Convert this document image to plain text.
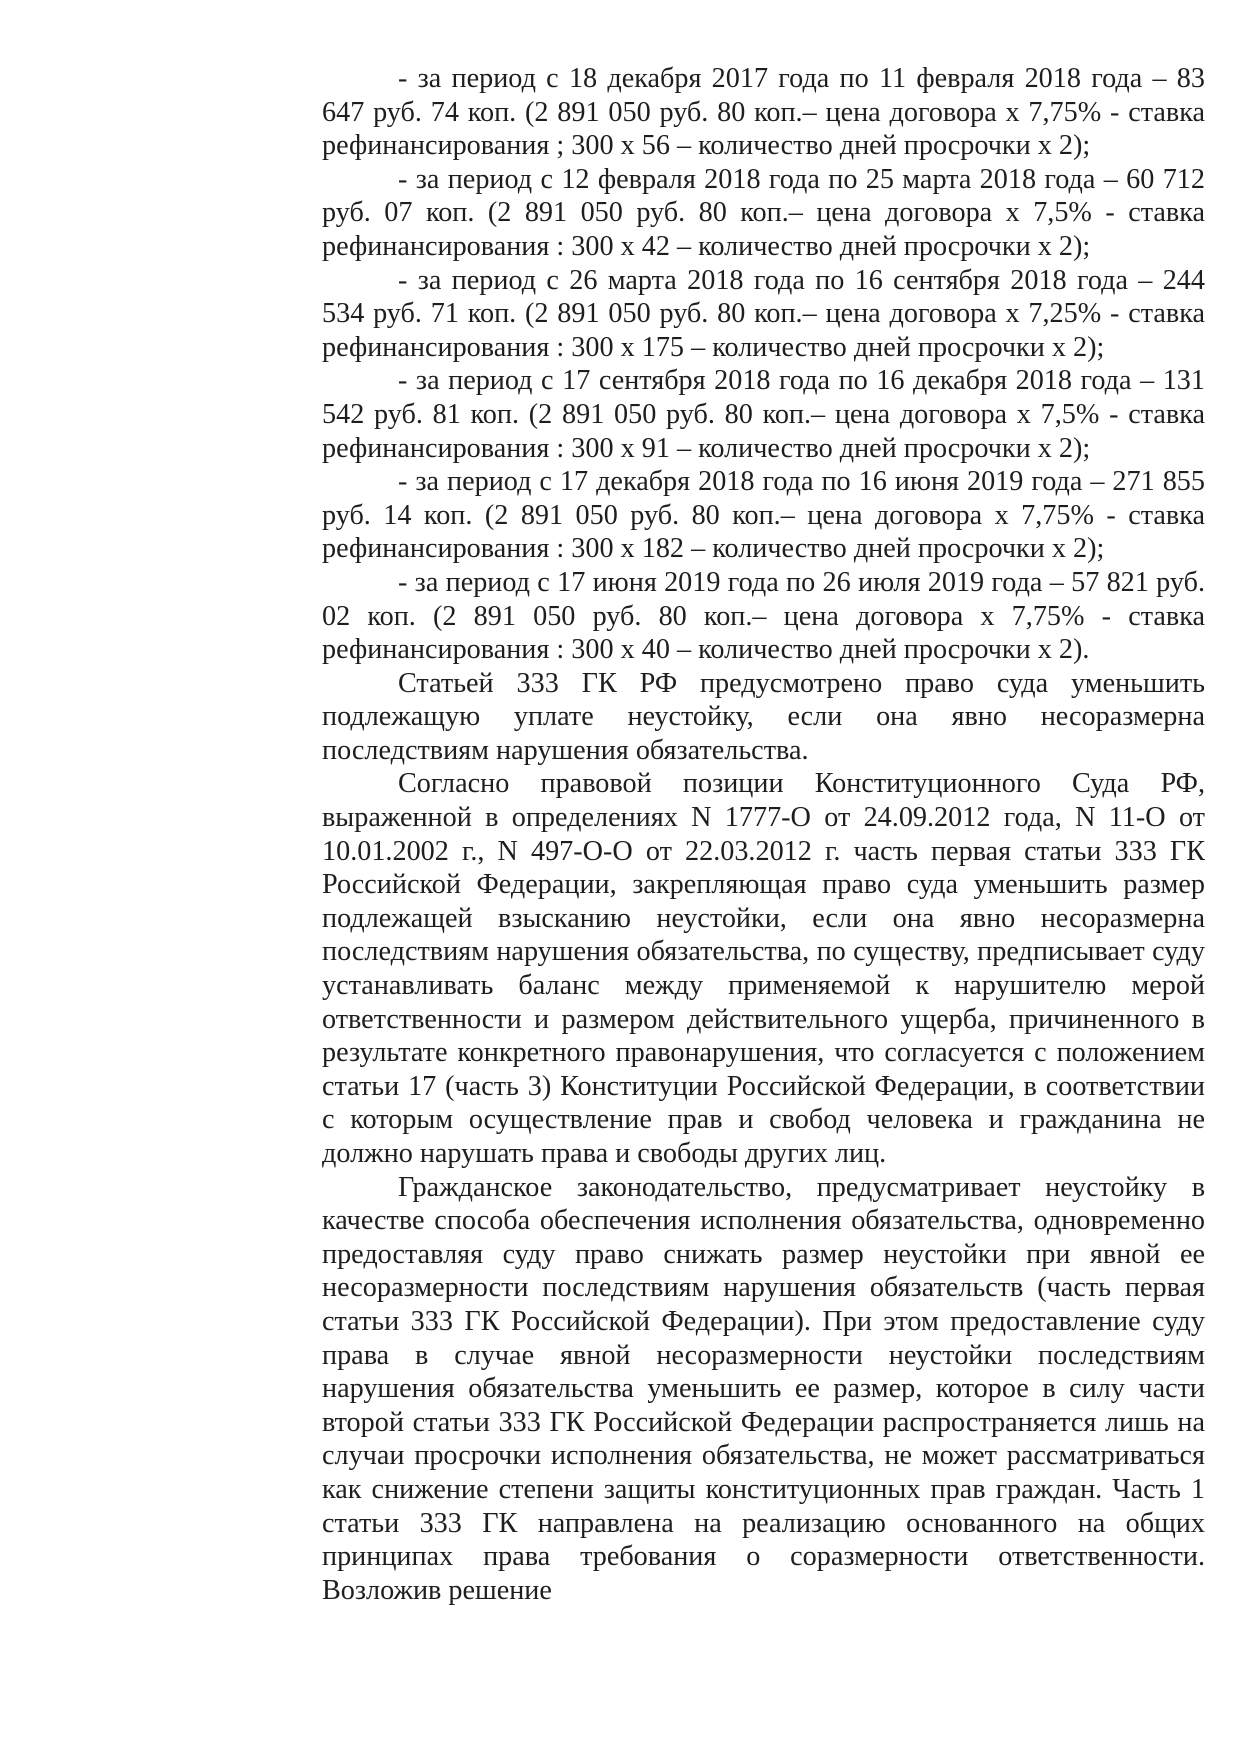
- за период с 18 декабря 2017 года по 11 февраля 2018 года – 83 647 руб. 74 коп. (2 891 050 руб. 80 коп.– цена договора х 7,75% - ставка рефинансирования ; 300 х 56 – количество дней просрочки х 2);

- за период с 12 февраля 2018 года по 25 марта 2018 года – 60 712 руб. 07 коп. (2 891 050 руб. 80 коп.– цена договора х 7,5% - ставка рефинансирования : 300 х 42 – количество дней просрочки х 2);

- за период с 26 марта 2018 года по 16 сентября 2018 года – 244 534 руб. 71 коп. (2 891 050 руб. 80 коп.– цена договора х 7,25% - ставка рефинансирования : 300 х 175 – количество дней просрочки х 2);

- за период с 17 сентября 2018 года по 16 декабря 2018 года – 131 542 руб. 81 коп. (2 891 050 руб. 80 коп.– цена договора х 7,5% - ставка рефинансирования : 300 х 91 – количество дней просрочки х 2);

- за период с 17 декабря 2018 года по 16 июня 2019 года – 271 855 руб. 14 коп. (2 891 050 руб. 80 коп.– цена договора х 7,75% - ставка рефинансирования : 300 х 182 – количество дней просрочки х 2);

- за период с 17 июня 2019 года по 26 июля 2019 года – 57 821 руб. 02 коп. (2 891 050 руб. 80 коп.– цена договора х 7,75% - ставка рефинансирования : 300 х 40 – количество дней просрочки х 2).

Статьей 333 ГК РФ предусмотрено право суда уменьшить подлежащую уплате неустойку, если она явно несоразмерна последствиям нарушения обязательства.

Согласно правовой позиции Конституционного Суда РФ, выраженной в определениях N 1777-О от 24.09.2012 года, N 11-О от 10.01.2002 г., N 497-О-О от 22.03.2012 г. часть первая статьи 333 ГК Российской Федерации, закрепляющая право суда уменьшить размер подлежащей взысканию неустойки, если она явно несоразмерна последствиям нарушения обязательства, по существу, предписывает суду устанавливать баланс между применяемой к нарушителю мерой ответственности и размером действительного ущерба, причиненного в результате конкретного правонарушения, что согласуется с положением статьи 17 (часть 3) Конституции Российской Федерации, в соответствии с которым осуществление прав и свобод человека и гражданина не должно нарушать права и свободы других лиц.

Гражданское законодательство, предусматривает неустойку в качестве способа обеспечения исполнения обязательства, одновременно предоставляя суду право снижать размер неустойки при явной ее несоразмерности последствиям нарушения обязательств (часть первая статьи 333 ГК Российской Федерации). При этом предоставление суду права в случае явной несоразмерности неустойки последствиям нарушения обязательства уменьшить ее размер, которое в силу части второй статьи 333 ГК Российской Федерации распространяется лишь на случаи просрочки исполнения обязательства, не может рассматриваться как снижение степени защиты конституционных прав граждан. Часть 1 статьи 333 ГК направлена на реализацию основанного на общих принципах права требования о соразмерности ответственности. Возложив решение
